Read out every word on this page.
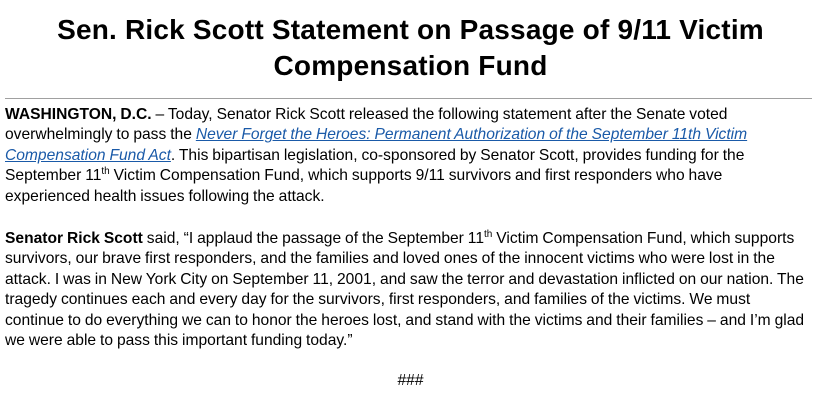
Sen. Rick Scott Statement on Passage of 9/11 Victim
Compensation Fund

WASHINGTON, D.C. – Today, Senator Rick Scott released the following statement after the Senate voted overwhelmingly to pass the Never Forget the Heroes: Permanent Authorization of the September 11th Victim Compensation Fund Act. This bipartisan legislation, co-sponsored by Senator Scott, provides funding for the September 11th Victim Compensation Fund, which supports 9/11 survivors and first responders who have experienced health issues following the attack.

Senator Rick Scott said, “I applaud the passage of the September 11th Victim Compensation Fund, which supports survivors, our brave first responders, and the families and loved ones of the innocent victims who were lost in the attack. I was in New York City on September 11, 2001, and saw the terror and devastation inflicted on our nation. The tragedy continues each and every day for the survivors, first responders, and families of the victims. We must continue to do everything we can to honor the heroes lost, and stand with the victims and their families – and I’m glad we were able to pass this important funding today.”

###
